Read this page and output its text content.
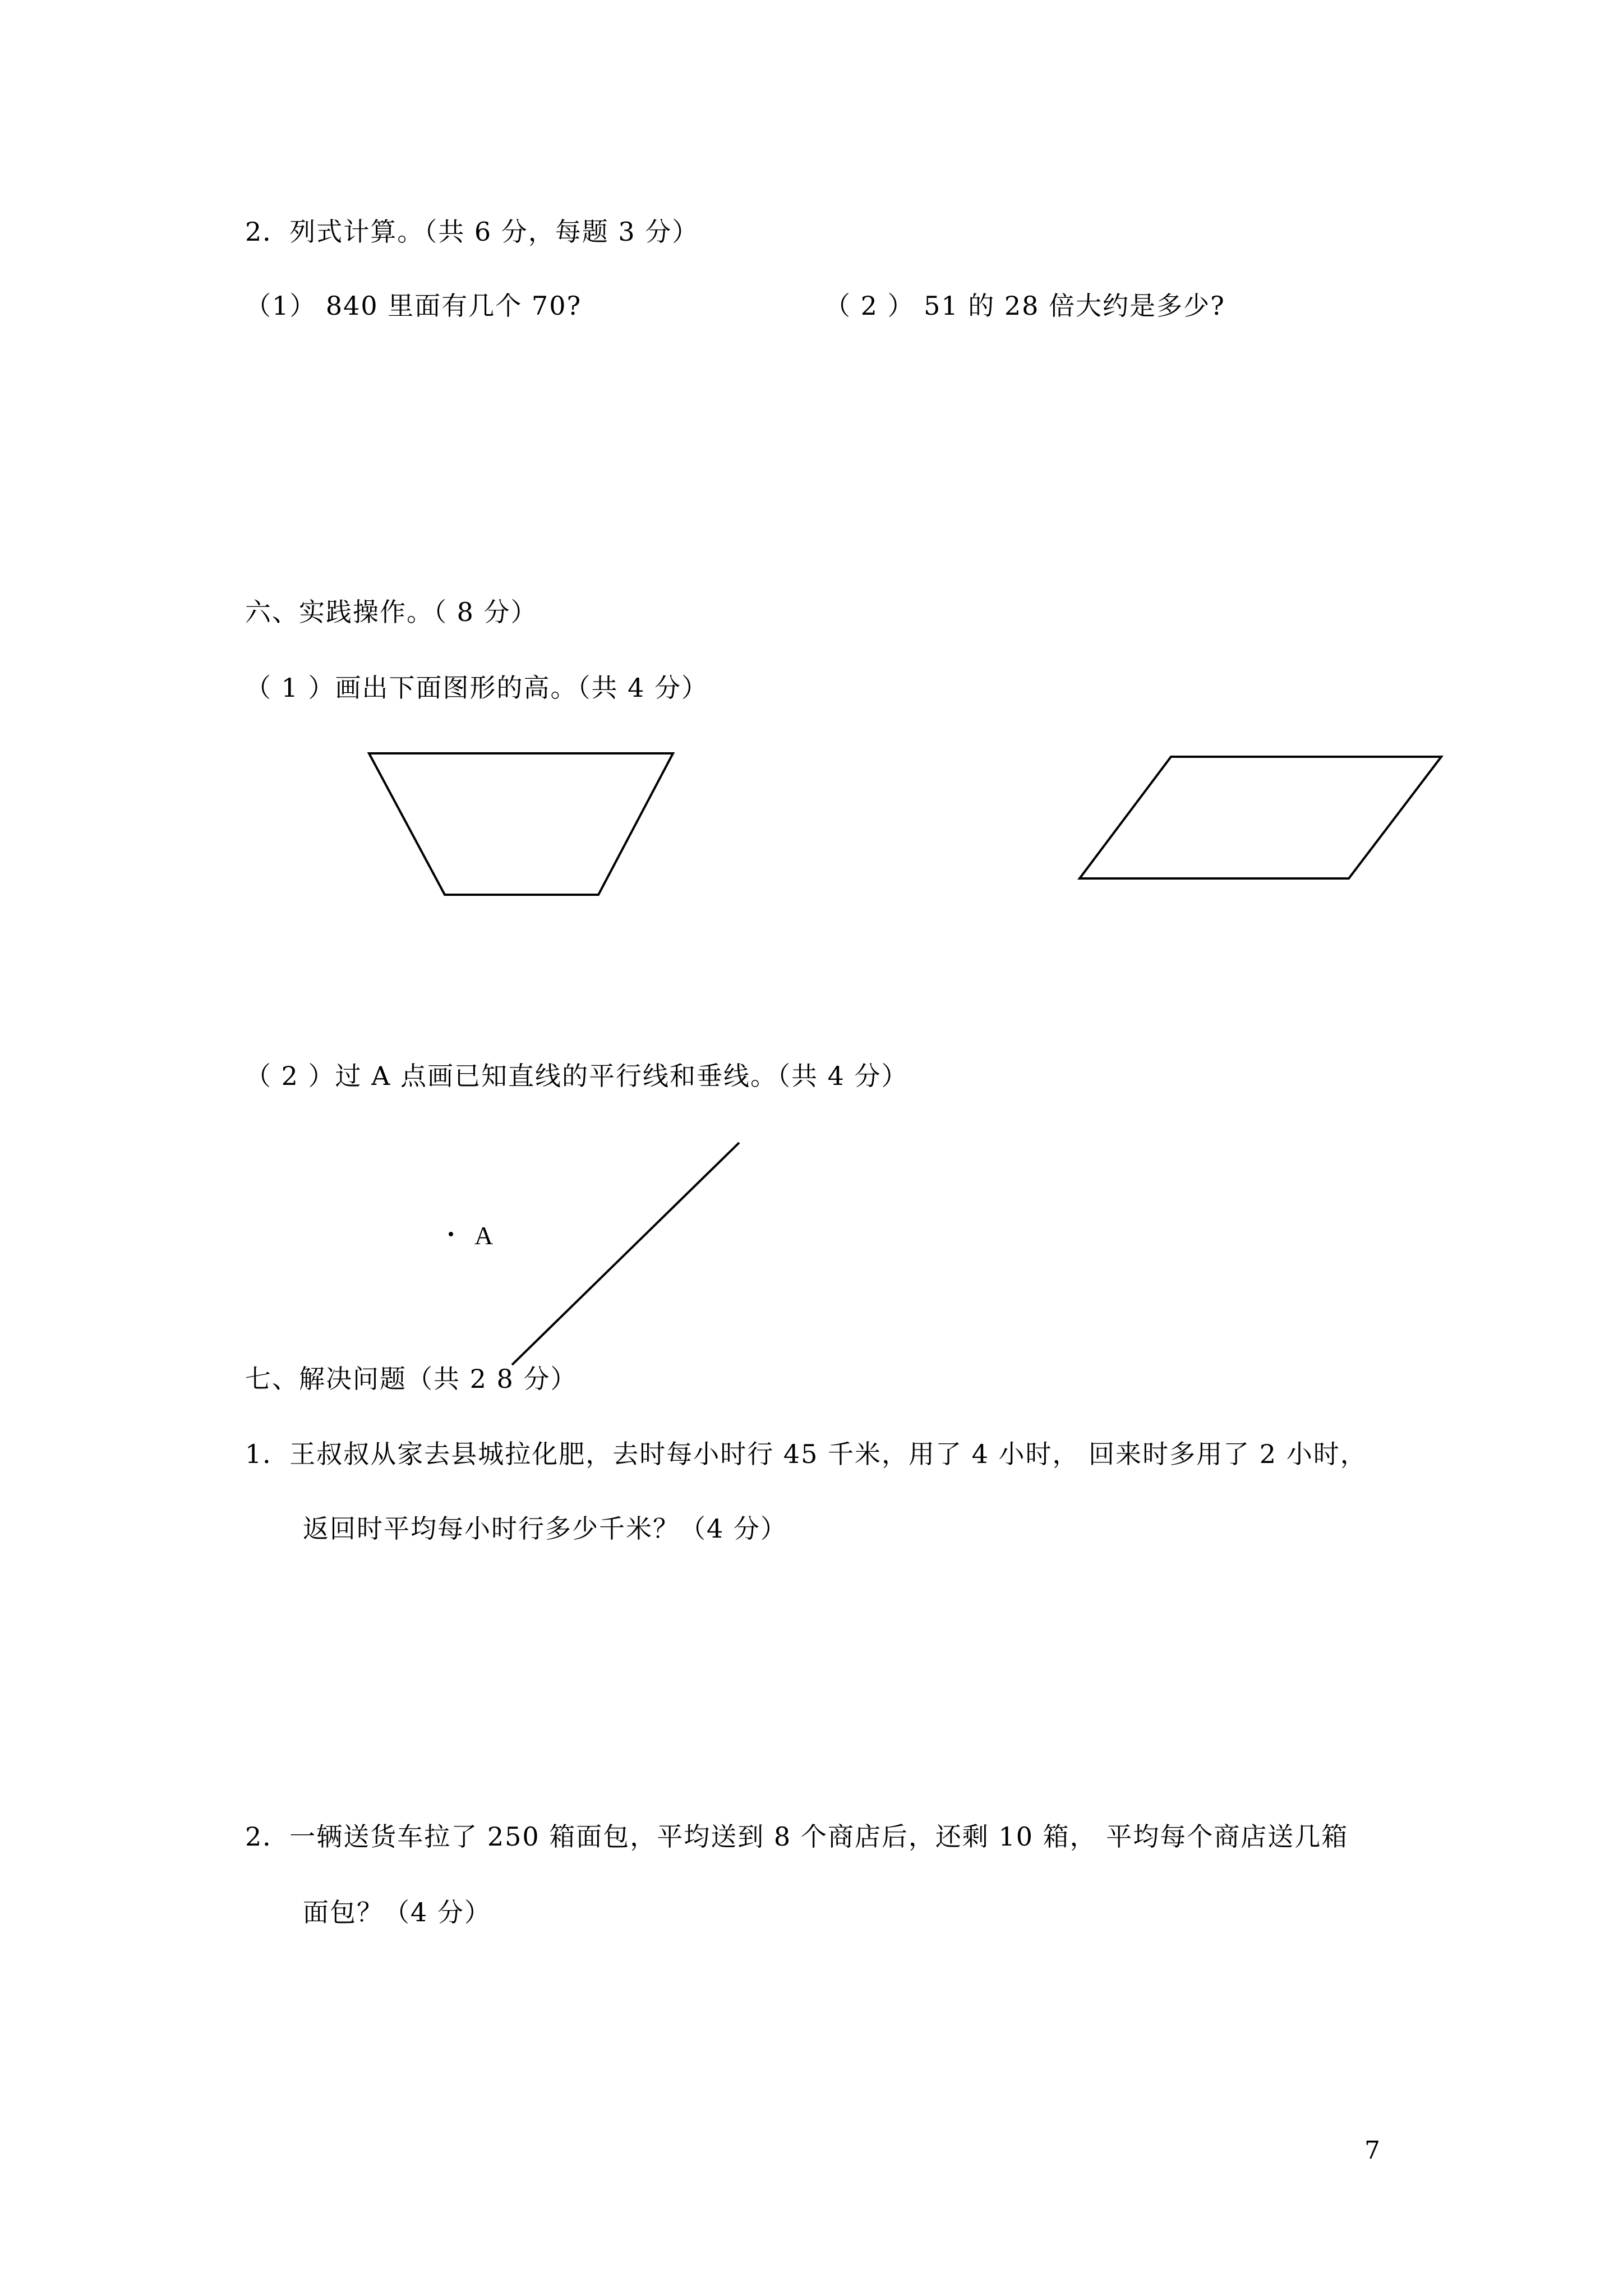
2．列式计算。（共 6 分，每题 3 分）
（1） 840 里面有几个 70?	（ 2 ） 51 的 28 倍大约是多少?
六、实践操作。（ 8 分）
（ 1 ）画出下面图形的高。（共 4 分）
（ 2 ）过 A 点画已知直线的平行线和垂线。（共 4 分）
A
七、解决问题（共 2 8 分）
1．王叔叔从家去县城拉化肥，去时每小时行 45 千米，用了 4 小时， 回来时多用了 2 小时，
返回时平均每小时行多少千米？（4 分）
2．一辆送货车拉了 250 箱面包，平均送到 8 个商店后，还剩 10 箱， 平均每个商店送几箱
面包？（4 分）
7
